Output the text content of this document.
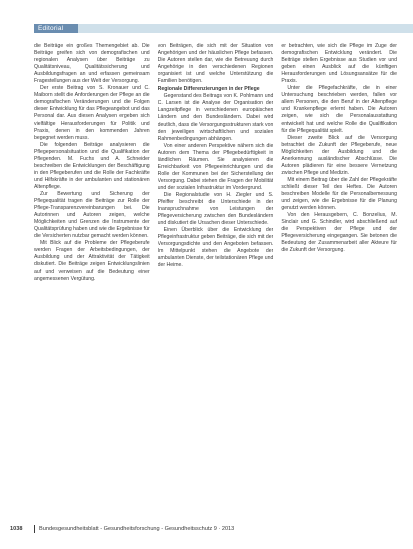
Editorial

die Beiträge ein großes Themengebiet ab. Die Beiträge greifen sich von demografischen und regionalen Analysen über Beiträge zu Qualitätsniveau, Qualitätssicherung und Ausbildungsfragen an und erfassen gemeinsam Fragestellungen aus der Welt der Versorgung.

Der erste Beitrag von S. Kronauer und C. Maiborn stellt die Anforderungen der Pflege an die demografischen Veränderungen und die Folgen dieser Entwicklung für das Pflegeangebot und das Personal dar. Aus diesen Analysen ergeben sich vielfältige Herausforderungen für Politik und Praxis, denen in den kommenden Jahren begegnet werden muss.

Die folgenden Beiträge analysieren die Pflegepersonalsituation und die Qualifikation der Pflegenden. M. Fuchs und A. Schneider beschreiben die Entwicklungen der Beschäftigung in den Pflegeberufen und die Rolle der Fachkräfte und Hilfskräfte in der ambulanten und stationären Altenpflege.

Zur Bewertung und Sicherung der Pflegequalität tragen die Beiträge zur Rolle der Pflege-Transparenzvereinbarungen bei. Die Autorinnen und Autoren zeigen, welche Möglichkeiten und Grenzen die Instrumente der Qualitätsprüfung haben und wie die Ergebnisse für die Versicherten nutzbar gemacht werden können.

Mit Blick auf die Probleme der Pflegeberufe werden Fragen der Arbeitsbedingungen, der Ausbildung und der Attraktivität der Tätigkeit diskutiert. Die Beiträge zeigen Entwicklungslinien auf und verweisen auf die Bedeutung einer angemessenen Vergütung.

von Beiträgen, die sich mit der Situation von Angehörigen und der häuslichen Pflege befassen. Die Autoren stellen dar, wie die Betreuung durch Angehörige in den verschiedenen Regionen organisiert ist und welche Unterstützung die Familien benötigen.

Regionale Differenzierungen in der Pflege

Gegenstand des Beitrags von K. Pohlmann und C. Larsen ist die Analyse der Organisation der Langzeitpflege in verschiedenen europäischen Ländern und den Bundesländern. Dabei wird deutlich, dass die Versorgungsstrukturen stark von den jeweiligen wirtschaftlichen und sozialen Rahmenbedingungen abhängen.

Von einer anderen Perspektive nähern sich die Autoren dem Thema der Pflegebedürftigkeit in ländlichen Räumen. Sie analysieren die Erreichbarkeit von Pflegeeinrichtungen und die Rolle der Kommunen bei der Sicherstellung der Versorgung. Dabei stehen die Fragen der Mobilität und der sozialen Infrastruktur im Vordergrund.

Die Regionalstudie von H. Ziegler und S. Pfeiffer beschreibt die Unterschiede in der Inanspruchnahme von Leistungen der Pflegeversicherung zwischen den Bundesländern und diskutiert die Ursachen dieser Unterschiede.

Einen Überblick über die Entwicklung der Pflegeinfrastruktur geben Beiträge, die sich mit der Versorgungsdichte und den Angeboten befassen. Im Mittelpunkt stehen die Angebote der ambulanten Dienste, der teilstationären Pflege und der Heime.

er betrachten, wie sich die Pflege im Zuge der demografischen Entwicklung verändert. Die Beiträge stellen Ergebnisse aus Studien vor und geben einen Ausblick auf die künftigen Herausforderungen und Lösungsansätze für die Praxis.

Unter die Pflegefachkräfte, die in einer Untersuchung beschrieben werden, fallen vor allem Personen, die den Beruf in der Altenpflege und Krankenpflege erlernt haben. Die Autoren zeigen, wie sich die Personalausstattung entwickelt hat und welche Rolle die Qualifikation für die Pflegequalität spielt.

Dieser zweite Blick auf die Versorgung betrachtet die Zukunft der Pflegeberufe, neue Möglichkeiten der Ausbildung und die Anerkennung ausländischer Abschlüsse. Die Autoren plädieren für eine bessere Vernetzung zwischen Pflege und Medizin.

Mit einem Beitrag über die Zahl der Pflegekräfte schließt dieser Teil des Heftes. Die Autoren beschreiben Modelle für die Personalbemessung und zeigen, wie die Ergebnisse für die Planung genutzt werden können.

Von den Herausgebern, C. Bonzelius, M. Sinclair und G. Schindler, wird abschließend auf die Perspektiven der Pflege und der Pflegeversicherung eingegangen. Sie betonen die Bedeutung der Zusammenarbeit aller Akteure für die Zukunft der Versorgung.

1038	Bundesgesundheitsblatt - Gesundheitsforschung - Gesundheitsschutz 9 · 2013
